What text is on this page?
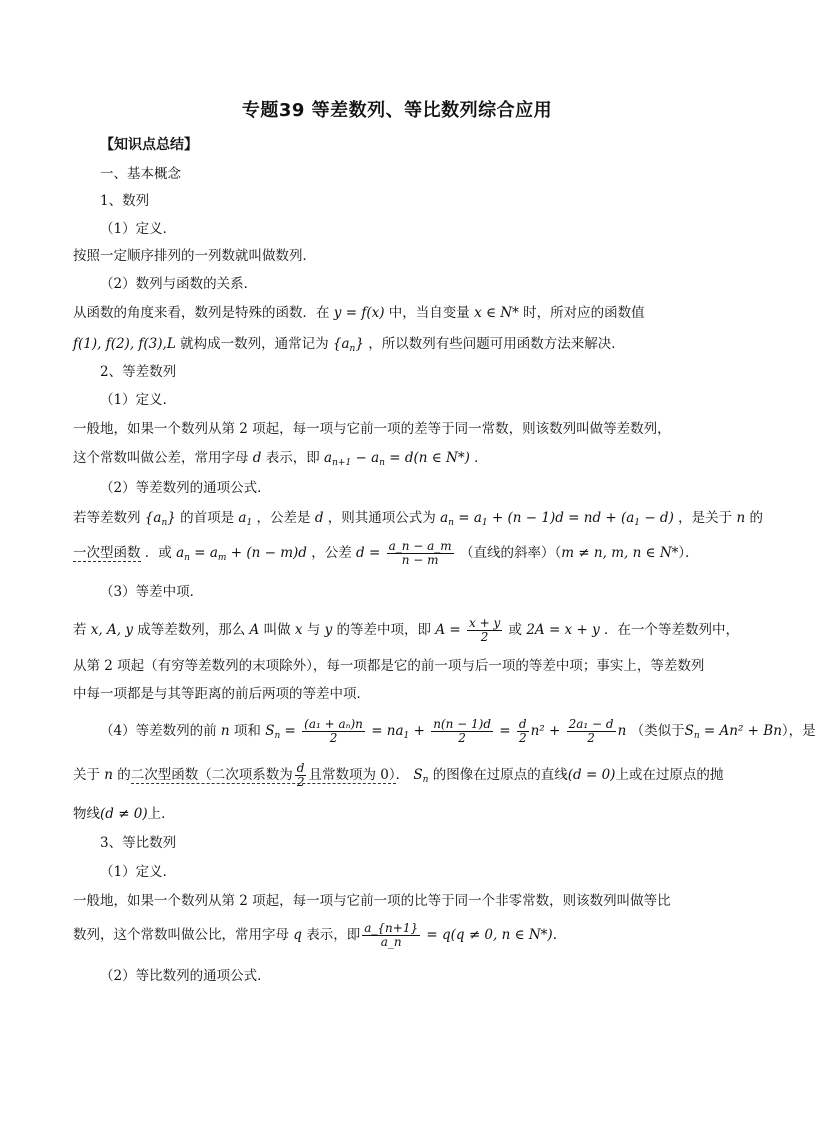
专题39 等差数列、等比数列综合应用
【知识点总结】
一、基本概念
1、数列
（1）定义．
按照一定顺序排列的一列数就叫做数列．
（2）数列与函数的关系．
从函数的角度来看，数列是特殊的函数．在 y = f(x) 中，当自变量 x ∈ N* 时，所对应的函数值
f(1), f(2), f(3),L 就构成一数列，通常记为 $\{a_n\}$ ，所以数列有些问题可用函数方法来解决．
2、等差数列
（1）定义．
一般地，如果一个数列从第 2 项起，每一项与它前一项的差等于同一常数，则该数列叫做等差数列，
这个常数叫做公差，常用字母 d 表示，即 $a_{n+1} - a_n = d(n$ ∈ N*) ．
（2）等差数列的通项公式．
若等差数列 $\{a_n\}$ 的首项是 $a_1$ ，公差是 d ，则其通项公式为 $a_n = a_1 + (n - 1)d$ = nd + $(a_1 - d)$ ，是关于 n 的
一次型函数 ．或 $a_n = a_m + (n - m)d$ ，公差 $d = \frac{a\_n - a\_m}{n - m}$ （直线的斜率）（m ≠ n, m, n ∈ N*）．
（3）等差中项．
若 x, A, y 成等差数列，那么 A 叫做 x 与 y 的等差中项，即 $A = \frac{x + y}{2}$ 或 2A = x + y ．在一个等差数列中，
从第 2 项起（有穷等差数列的末项除外），每一项都是它的前一项与后一项的等差中项；事实上，等差数列
中每一项都是与其等距离的前后两项的等差中项．
（4）等差数列的前 n 项和 $S_n = \frac{\text{(a₁ + aₙ)n}}{2} = na_1 + \frac{n(n - 1)d}{2} = \frac{d}{2} n^2 + \frac{\text{2a₁ − d}}{2}$ n （类似于$S_n = An^2 + Bn$），是
关于 n 的二次型函数（二次项系数为 $\frac{d}{2}$ 且常数项为 0）． $S_n$ 的图像在过原点的直线(d = 0)上或在过原点的抛
物线(d ≠ 0)上．
3、等比数列
（1）定义．
一般地，如果一个数列从第 2 项起，每一项与它前一项的比等于同一个非零常数，则该数列叫做等比
数列，这个常数叫做公比，常用字母 q 表示，即 $\frac{a\_\{n+1\}}{a\_n} = q(q \ne 0$, n ∈ N*)．
（2）等比数列的通项公式．
